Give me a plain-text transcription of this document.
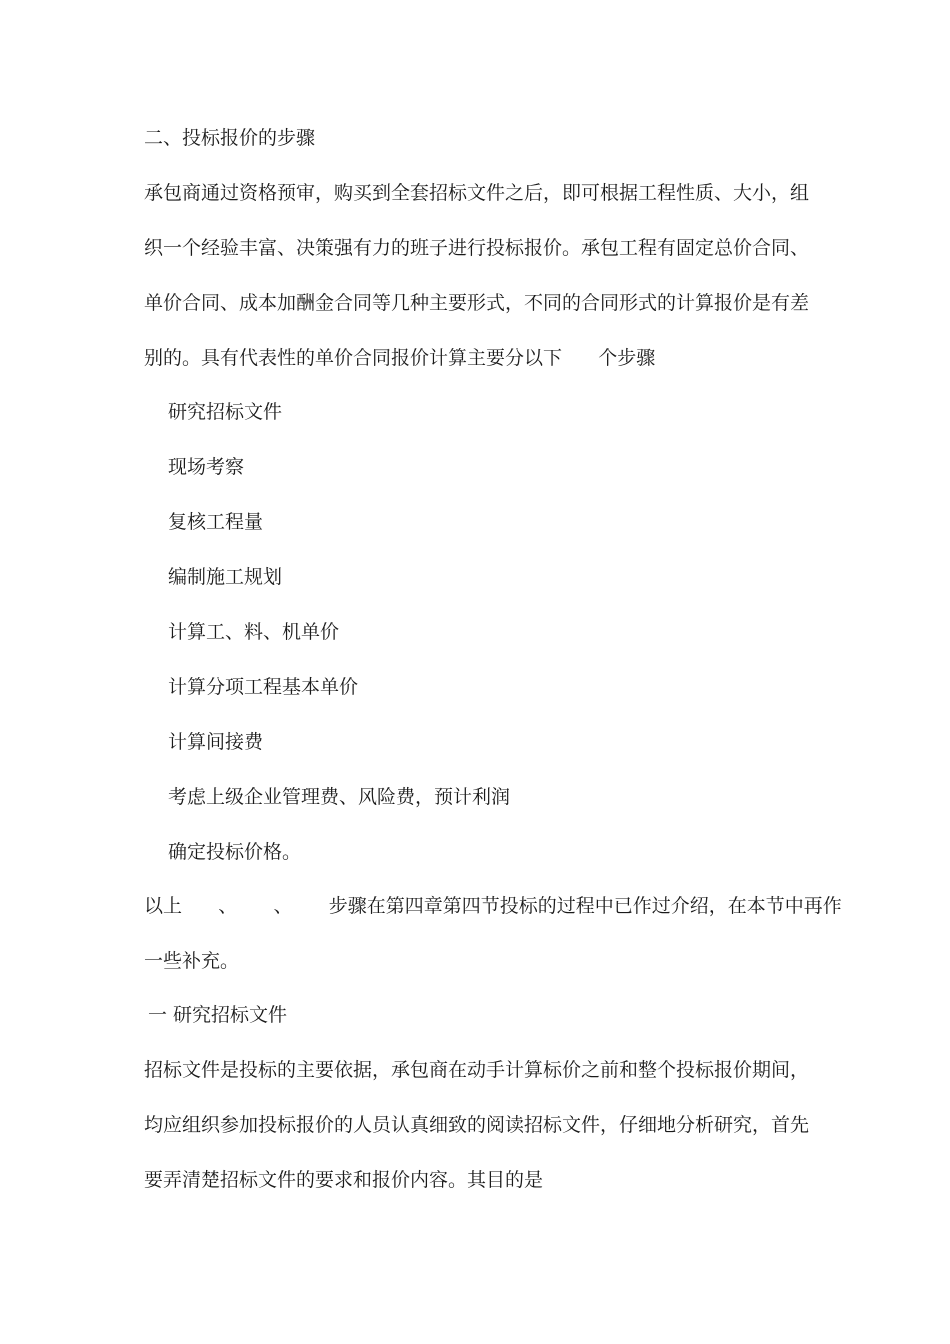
二、投标报价的步骤
承包商通过资格预审，购买到全套招标文件之后，即可根据工程性质、大小，组
织一个经验丰富、决策强有力的班子进行投标报价。承包工程有固定总价合同、
单价合同、成本加酬金合同等几种主要形式，不同的合同形式的计算报价是有差
别的。具有代表性的单价合同报价计算主要分以下      个步骤
研究招标文件
现场考察
复核工程量
编制施工规划
计算工、料、机单价
计算分项工程基本单价
计算间接费
考虑上级企业管理费、风险费，预计利润
确定投标价格。
以上      、      、      步骤在第四章第四节投标的过程中已作过介绍，在本节中再作
一些补充。
一 研究招标文件
招标文件是投标的主要依据，承包商在动手计算标价之前和整个投标报价期间，
均应组织参加投标报价的人员认真细致的阅读招标文件，仔细地分析研究，首先
要弄清楚招标文件的要求和报价内容。其目的是
